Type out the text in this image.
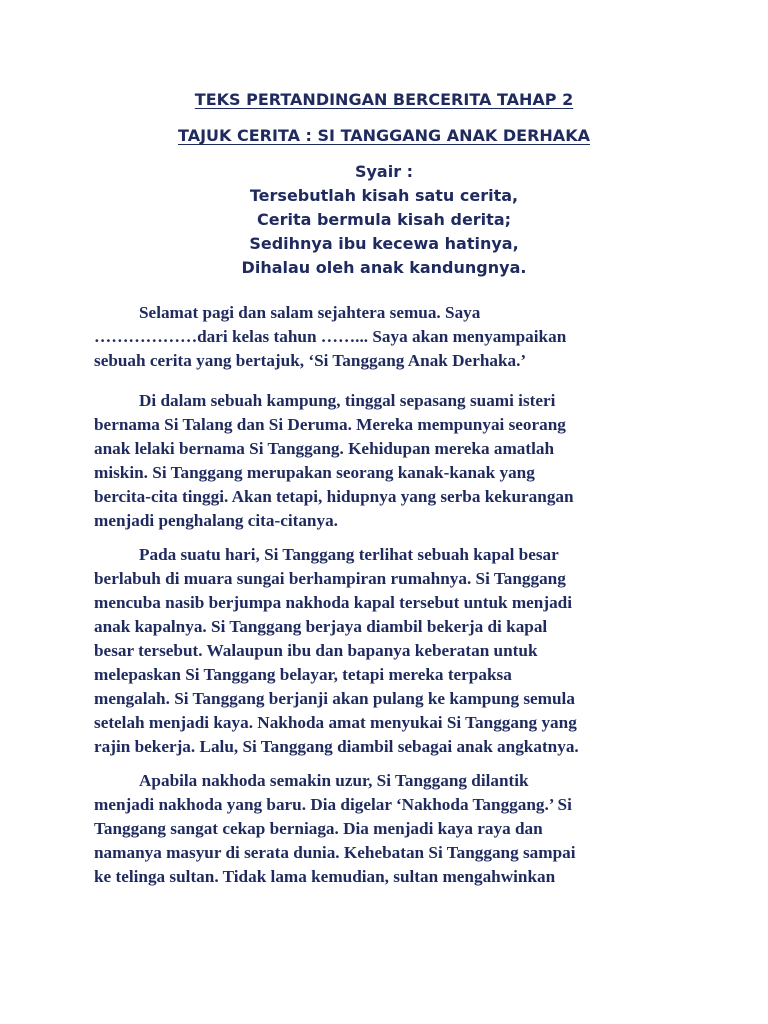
TEKS PERTANDINGAN BERCERITA TAHAP 2
TAJUK CERITA : SI TANGGANG ANAK DERHAKA
Syair :
Tersebutlah kisah satu cerita,
Cerita bermula kisah derita;
Sedihnya ibu kecewa hatinya,
Dihalau oleh anak kandungnya.
Selamat pagi dan salam sejahtera semua. Saya
………………dari kelas tahun ……... Saya akan menyampaikan
sebuah cerita yang bertajuk, ‘Si Tanggang Anak Derhaka.’
Di dalam sebuah kampung, tinggal sepasang suami isteri
bernama Si Talang dan Si Deruma. Mereka mempunyai seorang
anak lelaki bernama Si Tanggang. Kehidupan mereka amatlah
miskin. Si Tanggang merupakan seorang kanak-kanak yang
bercita-cita tinggi. Akan tetapi, hidupnya yang serba kekurangan
menjadi penghalang cita-citanya.
Pada suatu hari, Si Tanggang terlihat sebuah kapal besar
berlabuh di muara sungai berhampiran rumahnya. Si Tanggang
mencuba nasib berjumpa nakhoda kapal tersebut untuk menjadi
anak kapalnya. Si Tanggang berjaya diambil bekerja di kapal
besar tersebut. Walaupun ibu dan bapanya keberatan untuk
melepaskan Si Tanggang belayar, tetapi mereka terpaksa
mengalah. Si Tanggang berjanji akan pulang ke kampung semula
setelah menjadi kaya. Nakhoda amat menyukai Si Tanggang yang
rajin bekerja. Lalu, Si Tanggang diambil sebagai anak angkatnya.
Apabila nakhoda semakin uzur, Si Tanggang dilantik
menjadi nakhoda yang baru. Dia digelar ‘Nakhoda Tanggang.’ Si
Tanggang sangat cekap berniaga. Dia menjadi kaya raya dan
namanya masyur di serata dunia. Kehebatan Si Tanggang sampai
ke telinga sultan. Tidak lama kemudian, sultan mengahwinkan
